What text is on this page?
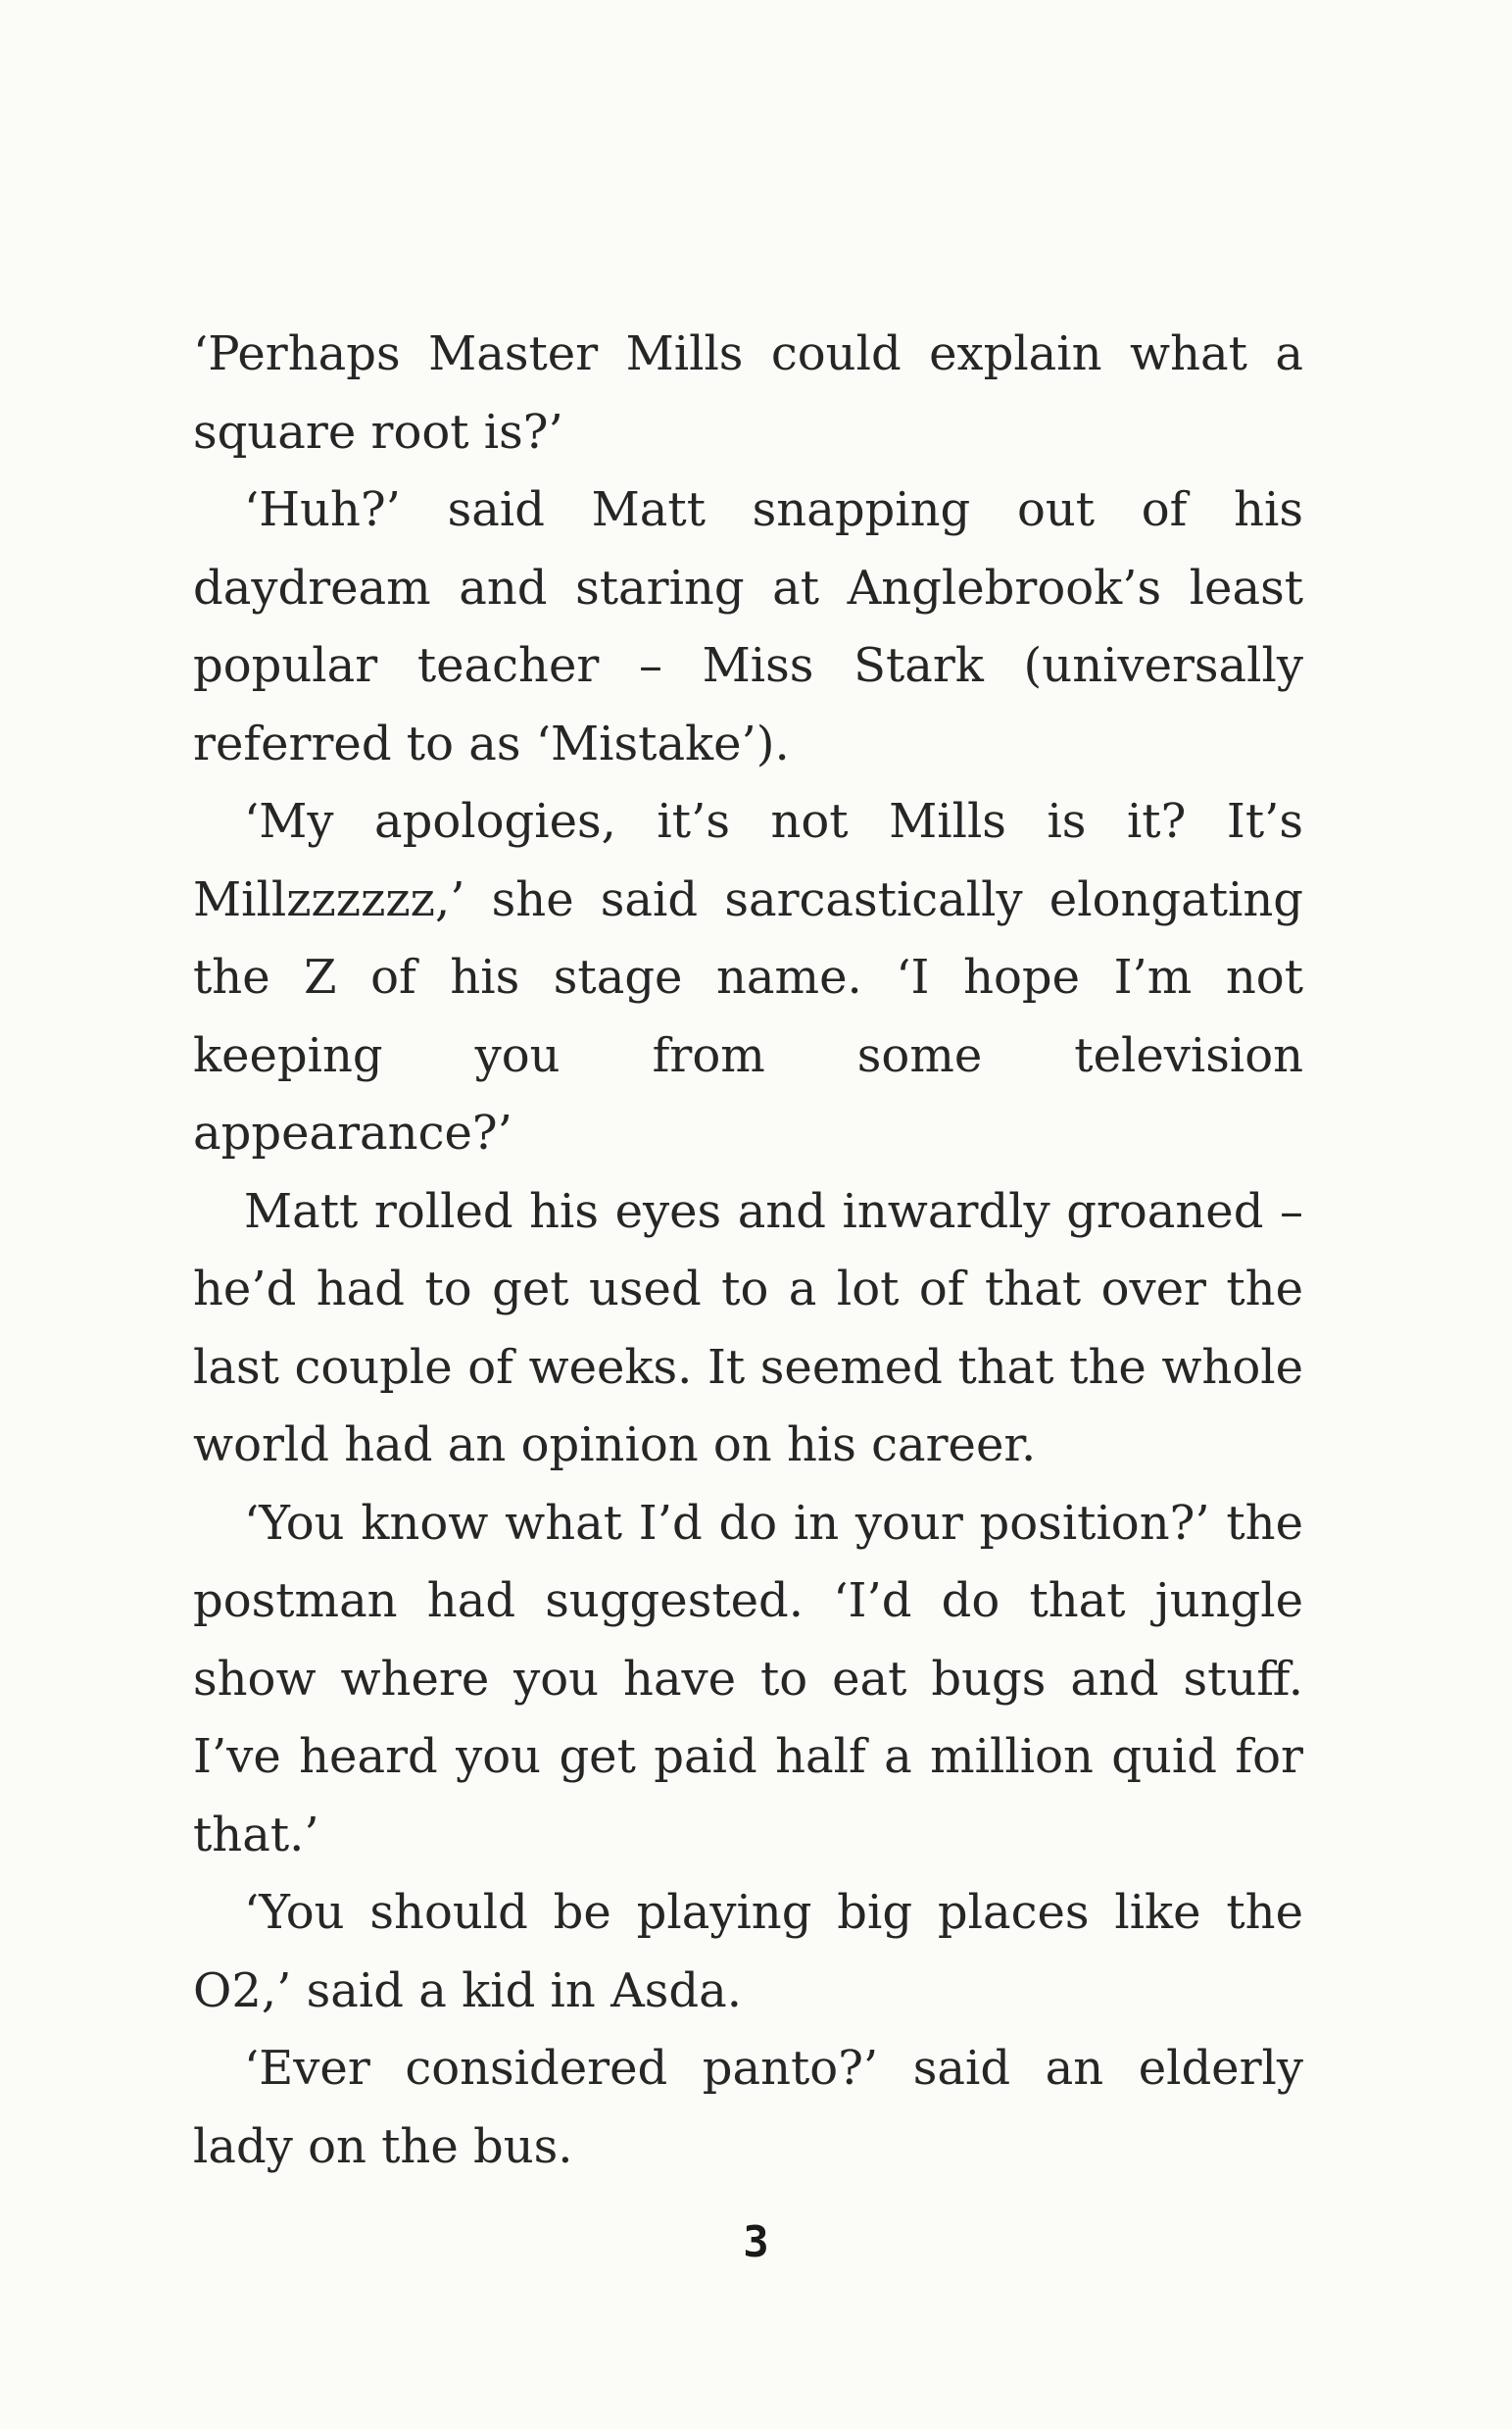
‘Perhaps Master Mills could explain what a square root is?’

‘Huh?’ said Matt snapping out of his daydream and staring at Anglebrook’s least popular teacher – Miss Stark (universally referred to as ‘Mistake’).

‘My apologies, it’s not Mills is it? It’s Millzzzzzz,’ she said sarcastically elongating the Z of his stage name. ‘I hope I’m not keeping you from some television appearance?’

Matt rolled his eyes and inwardly groaned – he’d had to get used to a lot of that over the last couple of weeks. It seemed that the whole world had an opinion on his career.

‘You know what I’d do in your position?’ the postman had suggested. ‘I’d do that jungle show where you have to eat bugs and stuff. I’ve heard you get paid half a million quid for that.’

‘You should be playing big places like the O2,’ said a kid in Asda.

‘Ever considered panto?’ said an elderly lady on the bus.

3
